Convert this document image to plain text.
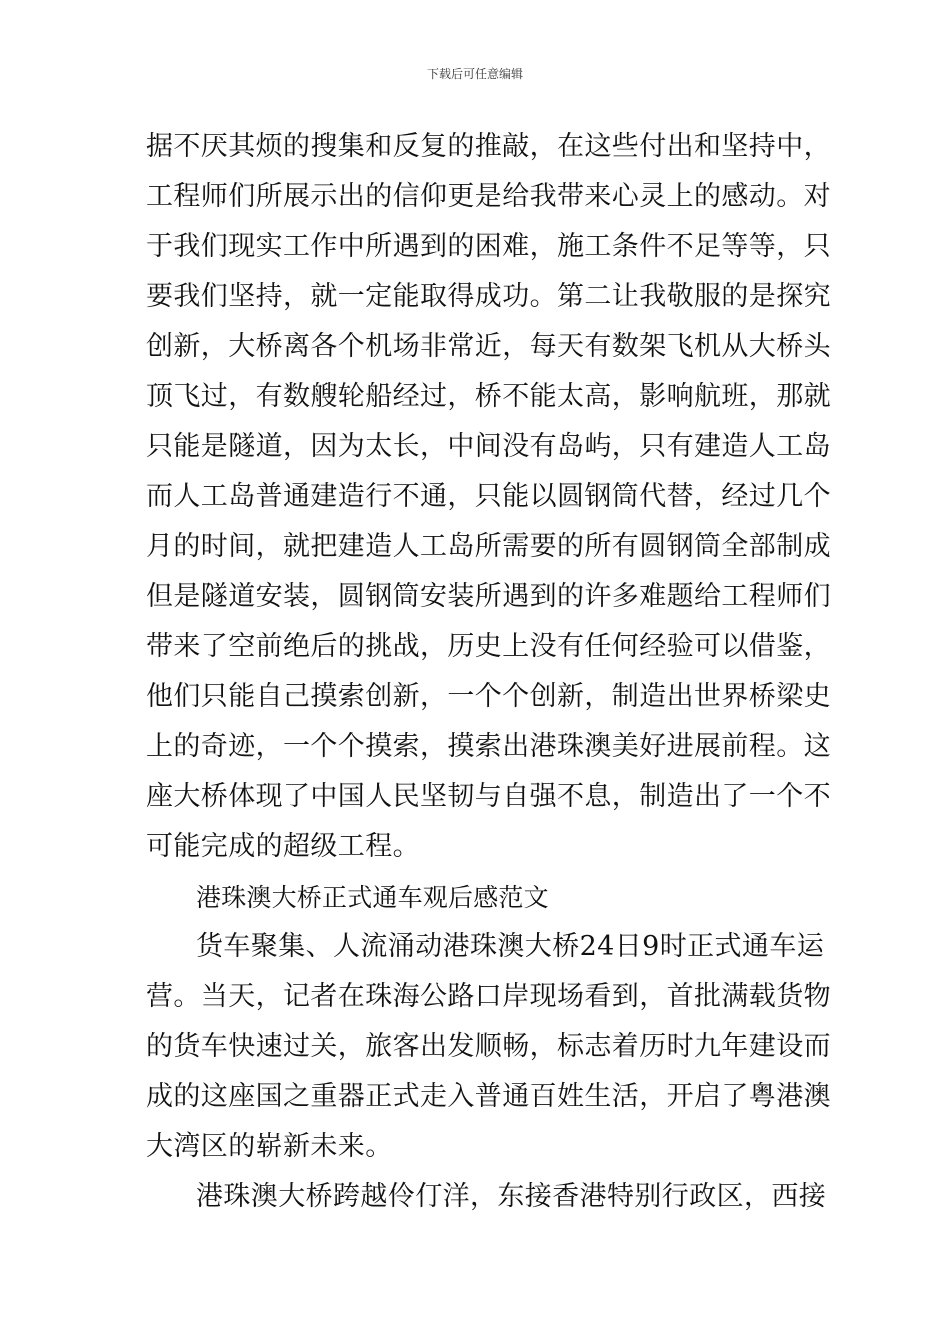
下载后可任意编辑
据不厌其烦的搜集和反复的推敲，在这些付出和坚持中，
工程师们所展示出的信仰更是给我带来心灵上的感动。对
于我们现实工作中所遇到的困难，施工条件不足等等，只
要我们坚持，就一定能取得成功。第二让我敬服的是探究
创新，大桥离各个机场非常近，每天有数架飞机从大桥头
顶飞过，有数艘轮船经过，桥不能太高，影响航班，那就
只能是隧道，因为太长，中间没有岛屿，只有建造人工岛
而人工岛普通建造行不通，只能以圆钢筒代替，经过几个
月的时间，就把建造人工岛所需要的所有圆钢筒全部制成
但是隧道安装，圆钢筒安装所遇到的许多难题给工程师们
带来了空前绝后的挑战，历史上没有任何经验可以借鉴，
他们只能自己摸索创新，一个个创新，制造出世界桥梁史
上的奇迹，一个个摸索，摸索出港珠澳美好进展前程。这
座大桥体现了中国人民坚韧与自强不息，制造出了一个不
可能完成的超级工程。
港珠澳大桥正式通车观后感范文
货车聚集、人流涌动港珠澳大桥24日9时正式通车运
营。当天，记者在珠海公路口岸现场看到，首批满载货物
的货车快速过关，旅客出发顺畅，标志着历时九年建设而
成的这座国之重器正式走入普通百姓生活，开启了粤港澳
大湾区的崭新未来。
港珠澳大桥跨越伶仃洋，东接香港特别行政区，西接
